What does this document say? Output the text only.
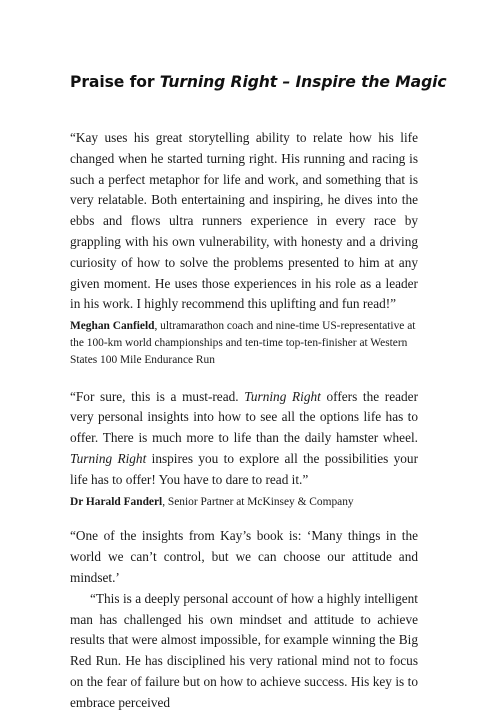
Praise for Turning Right – Inspire the Magic

“Kay uses his great storytelling ability to relate how his life changed when he started turning right. His running and racing is such a perfect metaphor for life and work, and something that is very relatable. Both entertaining and inspiring, he dives into the ebbs and flows ultra runners experience in every race by grappling with his own vulnerability, with honesty and a driving curiosity of how to solve the problems presented to him at any given moment. He uses those experiences in his role as a leader in his work. I highly recommend this uplifting and fun read!”

Meghan Canfield, ultramarathon coach and nine-time US-representative at the 100-km world championships and ten-time top-ten-finisher at Western States 100 Mile Endurance Run

“For sure, this is a must-read. Turning Right offers the reader very personal insights into how to see all the options life has to offer. There is much more to life than the daily hamster wheel. Turning Right inspires you to explore all the possibilities your life has to offer! You have to dare to read it.”

Dr Harald Fanderl, Senior Partner at McKinsey & Company

“One of the insights from Kay’s book is: ‘Many things in the world we can’t control, but we can choose our attitude and mindset.’

“This is a deeply personal account of how a highly intelligent man has challenged his own mindset and attitude to achieve results that were almost impossible, for example winning the Big Red Run. He has disciplined his very rational mind not to focus on the fear of failure but on how to achieve success. His key is to embrace perceived
